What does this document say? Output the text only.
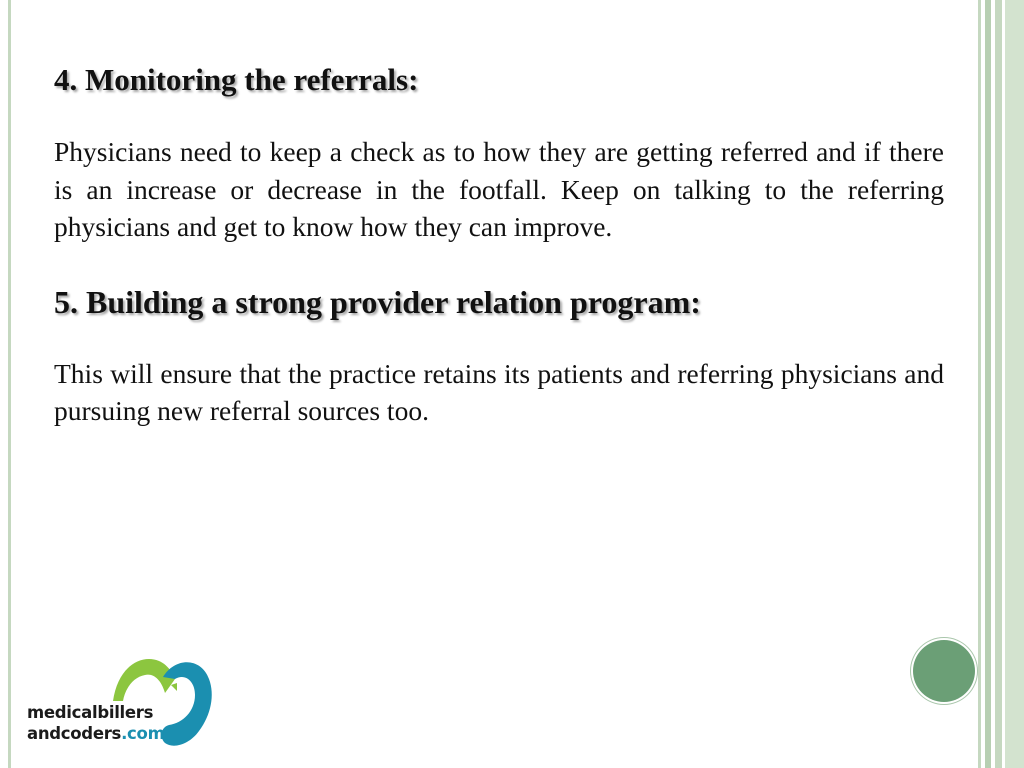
4. Monitoring the referrals:

Physicians need to keep a check as to how they are getting referred and if there is an increase or decrease in the footfall. Keep on talking to the referring physicians and get to know how they can improve.

5. Building a strong provider relation program:

This will ensure that the practice retains its patients and referring physicians and pursuing new referral sources too.

medicalbillers
andcoders.com
